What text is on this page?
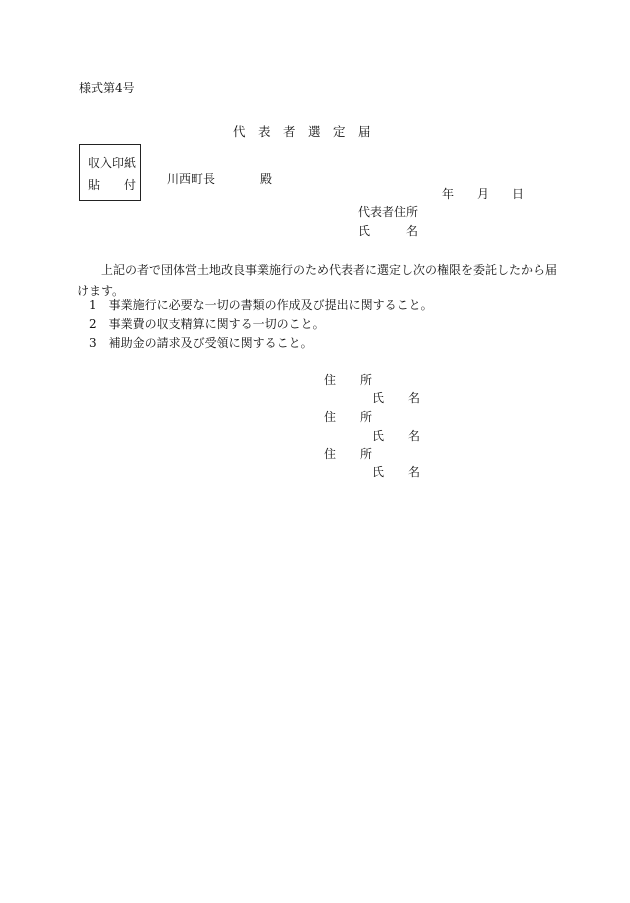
様式第4号
代　表　者　選　定　届
収入印紙
貼　　付	川西町長	殿
年 月 日
代表者住所
氏　　　名
上記の者で団体営土地改良事業施行のため代表者に選定し次の権限を委託したから届けます。
1　事業施行に必要な一切の書類の作成及び提出に関すること。
2　事業費の収支精算に関する一切のこと。
3　補助金の請求及び受領に関すること。
住　　所
氏　　名
住　　所
氏　　名
住　　所
氏　　名
